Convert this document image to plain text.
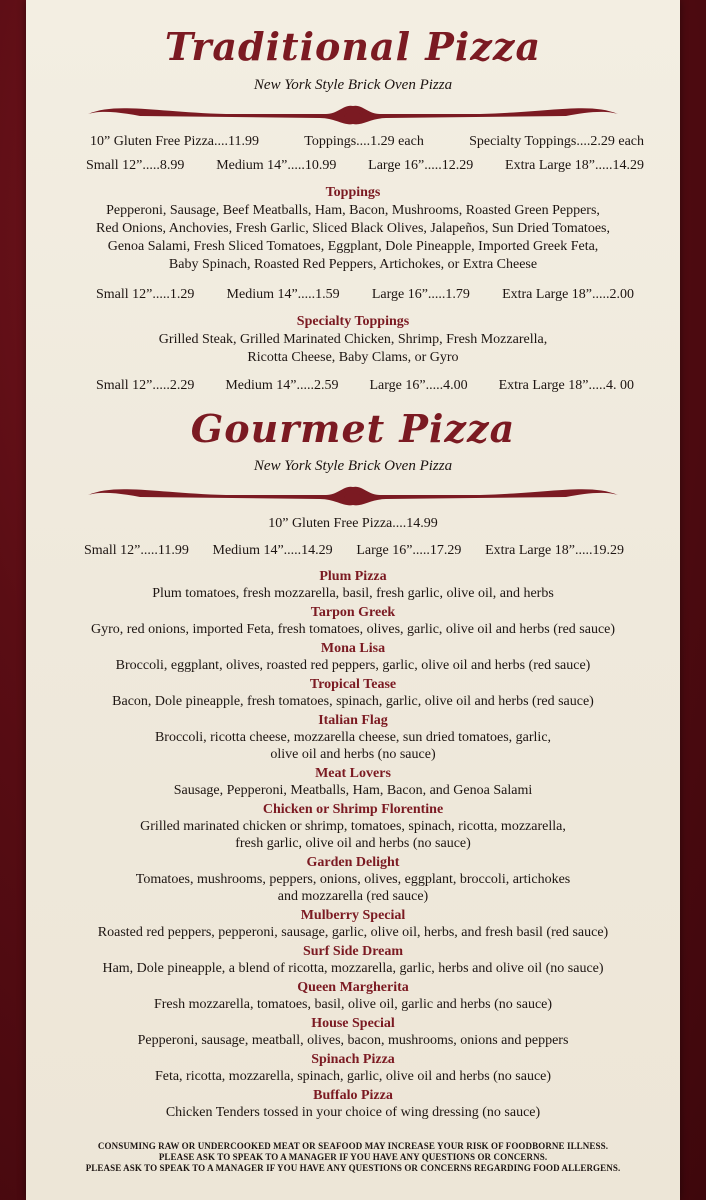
Traditional Pizza

New York Style Brick Oven Pizza

10” Gluten Free Pizza....11.99	Toppings....1.29 each	Specialty Toppings....2.29 each
Small 12”.....8.99 Medium 14”.....10.99 Large 16”.....12.29 Extra Large 18”.....14.29
Toppings
Pepperoni, Sausage, Beef Meatballs, Ham, Bacon, Mushrooms, Roasted Green Peppers,
Red Onions, Anchovies, Fresh Garlic, Sliced Black Olives, Jalapeños, Sun Dried Tomatoes,
Genoa Salami, Fresh Sliced Tomatoes, Eggplant, Dole Pineapple, Imported Greek Feta,
Baby Spinach, Roasted Red Peppers, Artichokes, or Extra Cheese
Small 12”.....1.29 Medium 14”.....1.59 Large 16”.....1.79 Extra Large 18”.....2.00
Specialty Toppings
Grilled Steak, Grilled Marinated Chicken, Shrimp, Fresh Mozzarella,
Ricotta Cheese, Baby Clams, or Gyro
Small 12”.....2.29 Medium 14”.....2.59 Large 16”.....4.00 Extra Large 18”.....4. 00
Gourmet Pizza

New York Style Brick Oven Pizza

10” Gluten Free Pizza....14.99
Small 12”.....11.99 Medium 14”.....14.29 Large 16”.....17.29 Extra Large 18”.....19.29
Plum Pizza
Plum tomatoes, fresh mozzarella, basil, fresh garlic, olive oil, and herbs
Tarpon Greek
Gyro, red onions, imported Feta, fresh tomatoes, olives, garlic, olive oil and herbs (red sauce)
Mona Lisa
Broccoli, eggplant, olives, roasted red peppers, garlic, olive oil and herbs (red sauce)
Tropical Tease
Bacon, Dole pineapple, fresh tomatoes, spinach, garlic, olive oil and herbs (red sauce)
Italian Flag
Broccoli, ricotta cheese, mozzarella cheese, sun dried tomatoes, garlic,
olive oil and herbs (no sauce)
Meat Lovers
Sausage, Pepperoni, Meatballs, Ham, Bacon, and Genoa Salami
Chicken or Shrimp Florentine
Grilled marinated chicken or shrimp, tomatoes, spinach, ricotta, mozzarella,
fresh garlic, olive oil and herbs (no sauce)
Garden Delight
Tomatoes, mushrooms, peppers, onions, olives, eggplant, broccoli, artichokes
and mozzarella (red sauce)
Mulberry Special
Roasted red peppers, pepperoni, sausage, garlic, olive oil, herbs, and fresh basil (red sauce)
Surf Side Dream
Ham, Dole pineapple, a blend of ricotta, mozzarella, garlic, herbs and olive oil (no sauce)
Queen Margherita
Fresh mozzarella, tomatoes, basil, olive oil, garlic and herbs (no sauce)
House Special
Pepperoni, sausage, meatball, olives, bacon, mushrooms, onions and peppers
Spinach Pizza
Feta, ricotta, mozzarella, spinach, garlic, olive oil and herbs (no sauce)
Buffalo Pizza
Chicken Tenders tossed in your choice of wing dressing (no sauce)
CONSUMING RAW OR UNDERCOOKED MEAT OR SEAFOOD MAY INCREASE YOUR RISK OF FOODBORNE ILLNESS.
PLEASE ASK TO SPEAK TO A MANAGER IF YOU HAVE ANY QUESTIONS OR CONCERNS.
PLEASE ASK TO SPEAK TO A MANAGER IF YOU HAVE ANY QUESTIONS OR CONCERNS REGARDING FOOD ALLERGENS.
